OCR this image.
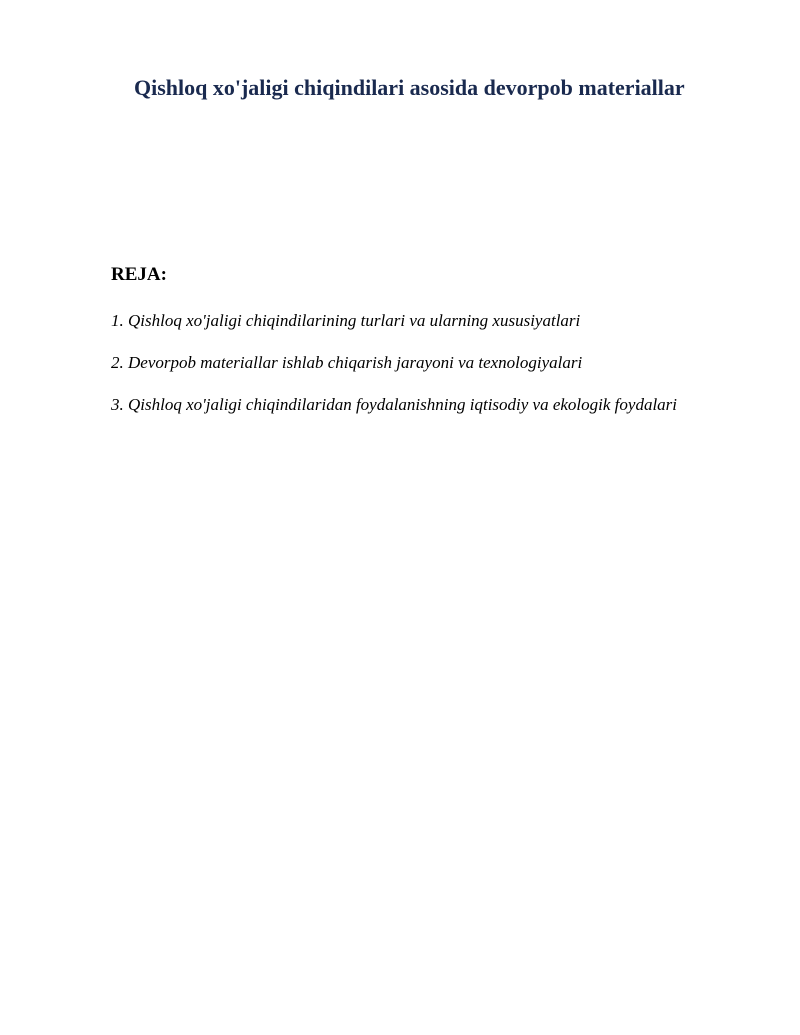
Qishloq xo'jaligi chiqindilari asosida devorpob materiallar
REJA:
1. Qishloq xo'jaligi chiqindilarining turlari va ularning xususiyatlari
2. Devorpob materiallar ishlab chiqarish jarayoni va texnologiyalari
3. Qishloq xo'jaligi chiqindilaridan foydalanishning iqtisodiy va ekologik foydalari
